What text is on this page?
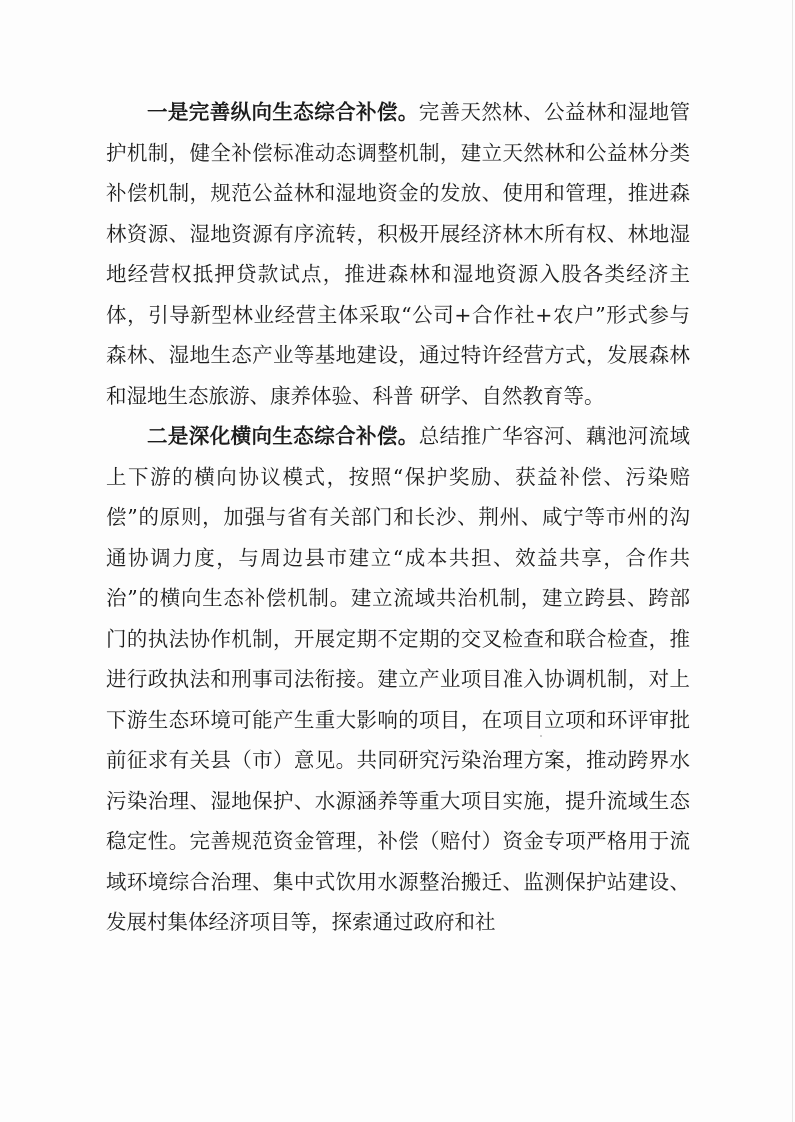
一是完善纵向生态综合补偿。完善天然林、公益林和湿地管护机制，健全补偿标准动态调整机制，建立天然林和公益林分类补偿机制，规范公益林和湿地资金的发放、使用和管理，推进森林资源、湿地资源有序流转，积极开展经济林木所有权、林地湿地经营权抵押贷款试点，推进森林和湿地资源入股各类经济主体，引导新型林业经营主体采取“公司+合作社+农户”形式参与森林、湿地生态产业等基地建设，通过特许经营方式，发展森林和湿地生态旅游、康养体验、科普 研学、自然教育等。

二是深化横向生态综合补偿。总结推广华容河、藕池河流域上下游的横向协议模式，按照“保护奖励、获益补偿、污染赔偿”的原则，加强与省有关部门和长沙、荆州、咸宁等市州的沟通协调力度，与周边县市建立“成本共担、效益共享，合作共治”的横向生态补偿机制。建立流域共治机制，建立跨县、跨部门的执法协作机制，开展定期不定期的交叉检查和联合检查，推进行政执法和刑事司法衔接。建立产业项目准入协调机制，对上下游生态环境可能产生重大影响的项目，在项目立项和环评审批前征求有关县（市）意见。共同研究污染治理方案，推动跨界水污染治理、湿地保护、水源涵养等重大项目实施，提升流域生态稳定性。完善规范资金管理，补偿（赔付）资金专项严格用于流域环境综合治理、集中式饮用水源整治搬迁、监测保护站建设、发展村集体经济项目等，探索通过政府和社
